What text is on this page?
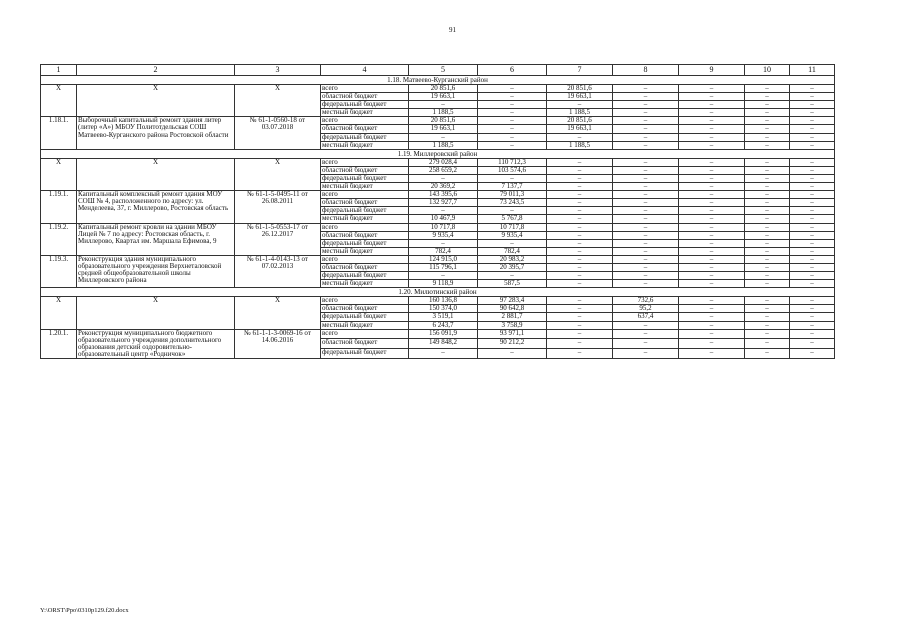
91
1	2	3	4	5	6	7	8	9	10	11
1.18. Матвеево-Курганский район										
X	X	X	всего	20 851,6	–	20 851,6	–	–	–	–
			областной бюджет	19 663,1	–	19 663,1	–	–	–	–
			федеральный бюджет	–	–	–	–	–	–	–
			местный бюджет	1 188,5	–	1 188,5	–	–	–	–
1.18.1.	Выборочный капитальный ремонт здания литер (литер «А») МБОУ Политотдельская СОШ Матвеево-Курганского района Ростовской области	№ 61-1-0560-18 от 03.07.2018	всего	20 851,6	–	20 851,6	–	–	–	–
			областной бюджет	19 663,1	–	19 663,1	–	–	–	–
			федеральный бюджет	–	–	–	–	–	–	–
			местный бюджет	1 188,5	–	1 188,5	–	–	–	–
1.19. Миллеровский район										
X	X	X	всего	279 028,4	110 712,3	–	–	–	–	–
			областной бюджет	258 659,2	103 574,6	–	–	–	–	–
			федеральный бюджет	–	–	–	–	–	–	–
			местный бюджет	20 369,2	7 137,7	–	–	–	–	–
1.19.1.	Капитальный комплексный ремонт здания МОУ СОШ № 4, расположенного по адресу: ул. Менделеева, 37, г. Миллерово, Ростовская область	№ 61-1-5-0495-11 от 26.08.2011	всего	143 395,6	79 011,3	–	–	–	–	–
			областной бюджет	132 927,7	73 243,5	–	–	–	–	–
			федеральный бюджет	–	–	–	–	–	–	–
			местный бюджет	10 467,9	5 767,8	–	–	–	–	–
1.19.2.	Капитальный ремонт кровли на здании МБОУ Лицей № 7 по адресу: Ростовская область, г. Миллерово, Квартал им. Маршала Ефимова, 9	№ 61-1-5-0553-17 от 26.12.2017	всего	10 717,8	10 717,8	–	–	–	–	–
			областной бюджет	9 935,4	9 935,4	–	–	–	–	–
			федеральный бюджет	–	–	–	–	–	–	–
			местный бюджет	782,4	782,4	–	–	–	–	–
1.19.3.	Реконструкция здания муниципального образовательного учреждения Верхнеталовской средней общеобразовательной школы Миллеровского района	№ 61-1-4-0143-13 от 07.02.2013	всего	124 915,0	20 983,2	–	–	–	–	–
			областной бюджет	115 796,1	20 395,7	–	–	–	–	–
			федеральный бюджет	–	–	–	–	–	–	–
			местный бюджет	9 118,9	587,5	–	–	–	–	–
1.20. Милютинский район										
X	X	X	всего	160 136,8	97 283,4	–	732,6	–	–	–
			областной бюджет	150 374,0	90 642,8	–	95,2	–	–	–
			федеральный бюджет	3 519,1	2 881,7	–	637,4	–	–	–
			местный бюджет	6 243,7	3 758,9	–	–	–	–	–
1.20.1.	Реконструкция муниципального бюджетного образовательного учреждения дополнительного образования детский оздоровительно-образовательный центр «Родничок»	№ 61-1-1-3-0069-16 от 14.06.2016	всего	156 091,9	93 971,1	–	–	–	–	–
			областной бюджет	149 848,2	90 212,2	–	–	–	–	–
			федеральный бюджет	–	–	–	–	–	–	–
Y:\ORST\Ppo\0310p129.f20.docx
